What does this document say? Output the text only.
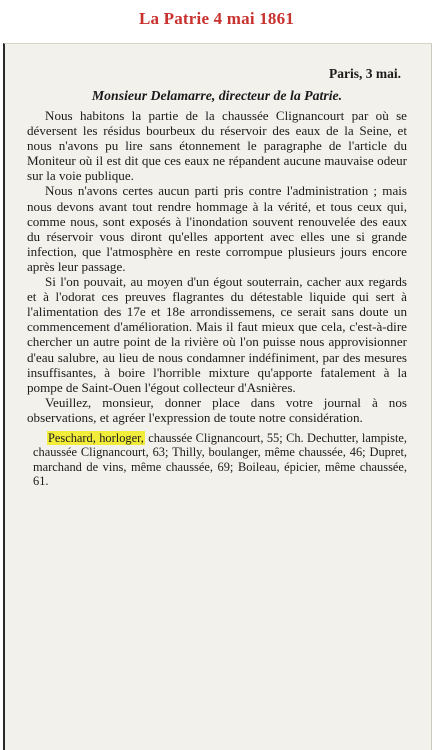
La Patrie 4 mai 1861
Paris, 3 mai.
Monsieur Delamarre, directeur de la Patrie.

Nous habitons la partie de la chaussée Clignancourt par où se déversent les résidus bourbeux du réservoir des eaux de la Seine, et nous n'avons pu lire sans étonnement le paragraphe de l'article du Moniteur où il est dit que ces eaux ne répandent aucune mauvaise odeur sur la voie publique.

Nous n'avons certes aucun parti pris contre l'administration ; mais nous devons avant tout rendre hommage à la vérité, et tous ceux qui, comme nous, sont exposés à l'inondation souvent renouvelée des eaux du réservoir vous diront qu'elles apportent avec elles une si grande infection, que l'atmosphère en reste corrompue plusieurs jours encore après leur passage.

Si l'on pouvait, au moyen d'un égout souterrain, cacher aux regards et à l'odorat ces preuves flagrantes du détestable liquide qui sert à l'alimentation des 17e et 18e arrondissemens, ce serait sans doute un commencement d'amélioration. Mais il faut mieux que cela, c'est-à-dire chercher un autre point de la rivière où l'on puisse nous approvisionner d'eau salubre, au lieu de nous condamner indéfiniment, par des mesures insuffisantes, à boire l'horrible mixture qu'apporte fatalement à la pompe de Saint-Ouen l'égout collecteur d'Asnières.

Veuillez, monsieur, donner place dans votre journal à nos observations, et agréer l'expression de toute notre considération.

Peschard, horloger, chaussée Clignancourt, 55; Ch. Dechutter, lampiste, chaussée Clignancourt, 63; Thilly, boulanger, même chaussée, 46; Dupret, marchand de vins, même chaussée, 69; Boileau, épicier, même chaussée, 61.
